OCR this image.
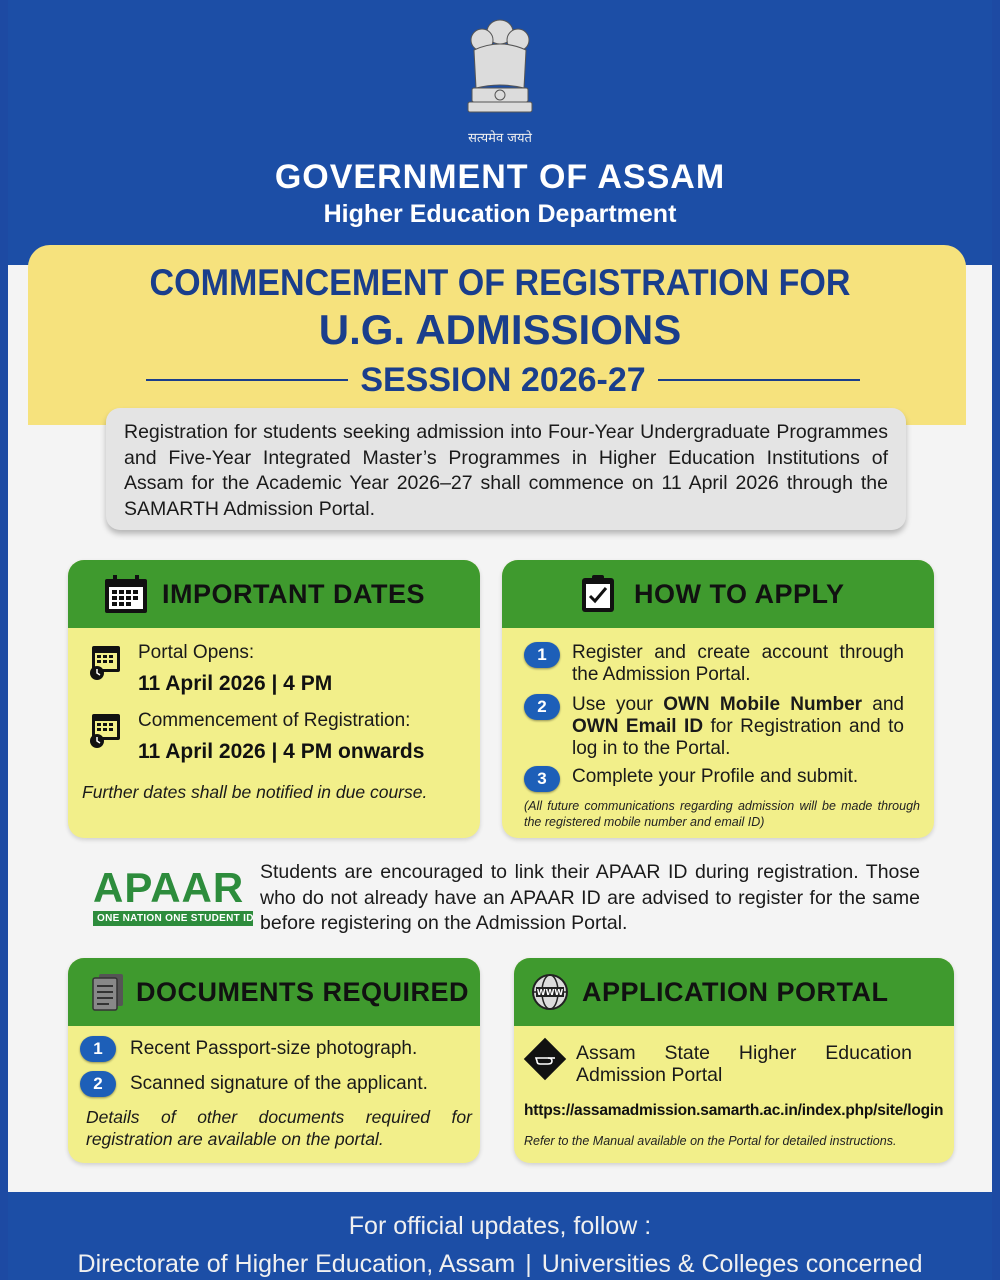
सत्यमेव जयते
GOVERNMENT OF ASSAM
Higher Education Department
COMMENCEMENT OF REGISTRATION FOR
U.G. ADMISSIONS
SESSION 2026-27

Registration for students seeking admission into Four-Year Undergraduate Programmes and Five-Year Integrated Master’s Programmes in Higher Education Institutions of Assam for the Academic Year 2026–27 shall commence on 11 April 2026 through the SAMARTH Admission Portal.

IMPORTANT DATES
Portal Opens:
11 April 2026 | 4 PM
Commencement of Registration:
11 April 2026 | 4 PM onwards
Further dates shall be notified in due course.
HOW TO APPLY
1	Register and create account through the Admission Portal.
2	Use your OWN Mobile Number and OWN Email ID for Registration and to log in to the Portal.
3	Complete your Profile and submit.
(All future communications regarding admission will be made through the registered mobile number and email ID)
APAAR
ONE NATION ONE STUDENT ID
Students are encouraged to link their APAAR ID during registration. Those who do not already have an APAAR ID are advised to register for the same before registering on the Admission Portal.
DOCUMENTS REQUIRED
1	Recent Passport-size photograph.
2	Scanned signature of the applicant.
Details of other documents required for registration are available on the portal.
WWW APPLICATION PORTAL
Assam State Higher Education Admission Portal
https://assamadmission.samarth.ac.in/index.php/site/login
Refer to the Manual available on the Portal for detailed instructions.
For official updates, follow :
Directorate of Higher Education, Assam | Universities & Colleges concerned
